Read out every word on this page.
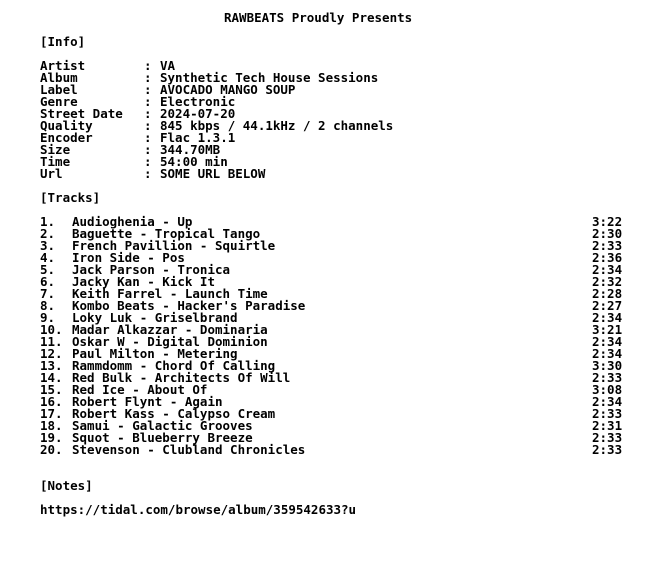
RAWBEATS Proudly Presents
[Info]
Artist	: VA
Album	: Synthetic Tech House Sessions
Label	: AVOCADO MANGO SOUP
Genre	: Electronic
Street Date	: 2024-07-20
Quality	: 845 kbps / 44.1kHz / 2 channels
Encoder	: Flac 1.3.1
Size	: 344.70MB
Time	: 54:00 min
Url	: SOME URL BELOW
[Tracks]
1.	Audioghenia - Up	3:22
2.	Baguette - Tropical Tango	2:30
3.	French Pavillion - Squirtle	2:33
4.	Iron Side - Pos	2:36
5.	Jack Parson - Tronica	2:34
6.	Jacky Kan - Kick It	2:32
7.	Keith Farrel - Launch Time	2:28
8.	Kombo Beats - Hacker's Paradise	2:27
9.	Loky Luk - Griselbrand	2:34
10. Madar Alkazzar - Dominaria	3:21
11. Oskar W - Digital Dominion	2:34
12. Paul Milton - Metering	2:34
13. Rammdomm - Chord Of Calling	3:30
14. Red Bulk - Architects Of Will	2:33
15. Red Ice - About Of	3:08
16. Robert Flynt - Again	2:34
17. Robert Kass - Calypso Cream	2:33
18. Samui - Galactic Grooves	2:31
19. Squot - Blueberry Breeze	2:33
20. Stevenson - Clubland Chronicles	2:33
[Notes]
https://tidal.com/browse/album/359542633?u
